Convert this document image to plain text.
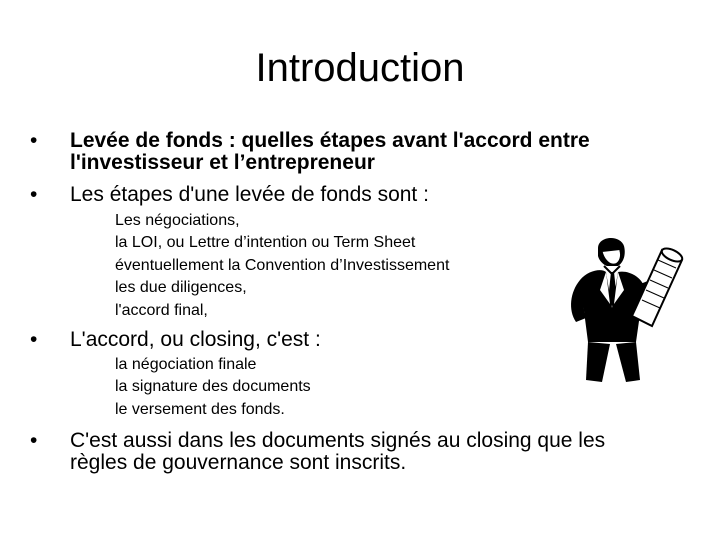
Introduction
•	Levée de fonds : quelles étapes avant l'accord entre l'investisseur et l’entrepreneur
•	Les étapes d'une levée de fonds sont :
Les négociations,
la LOI, ou Lettre d’intention ou Term Sheet
éventuellement la Convention d’Investissement
les due diligences,
l'accord final,
•	L'accord, ou closing, c'est :
la négociation finale
la signature des documents
le versement des fonds.
•	C'est aussi dans les documents signés au closing que les règles de gouvernance sont inscrits.
